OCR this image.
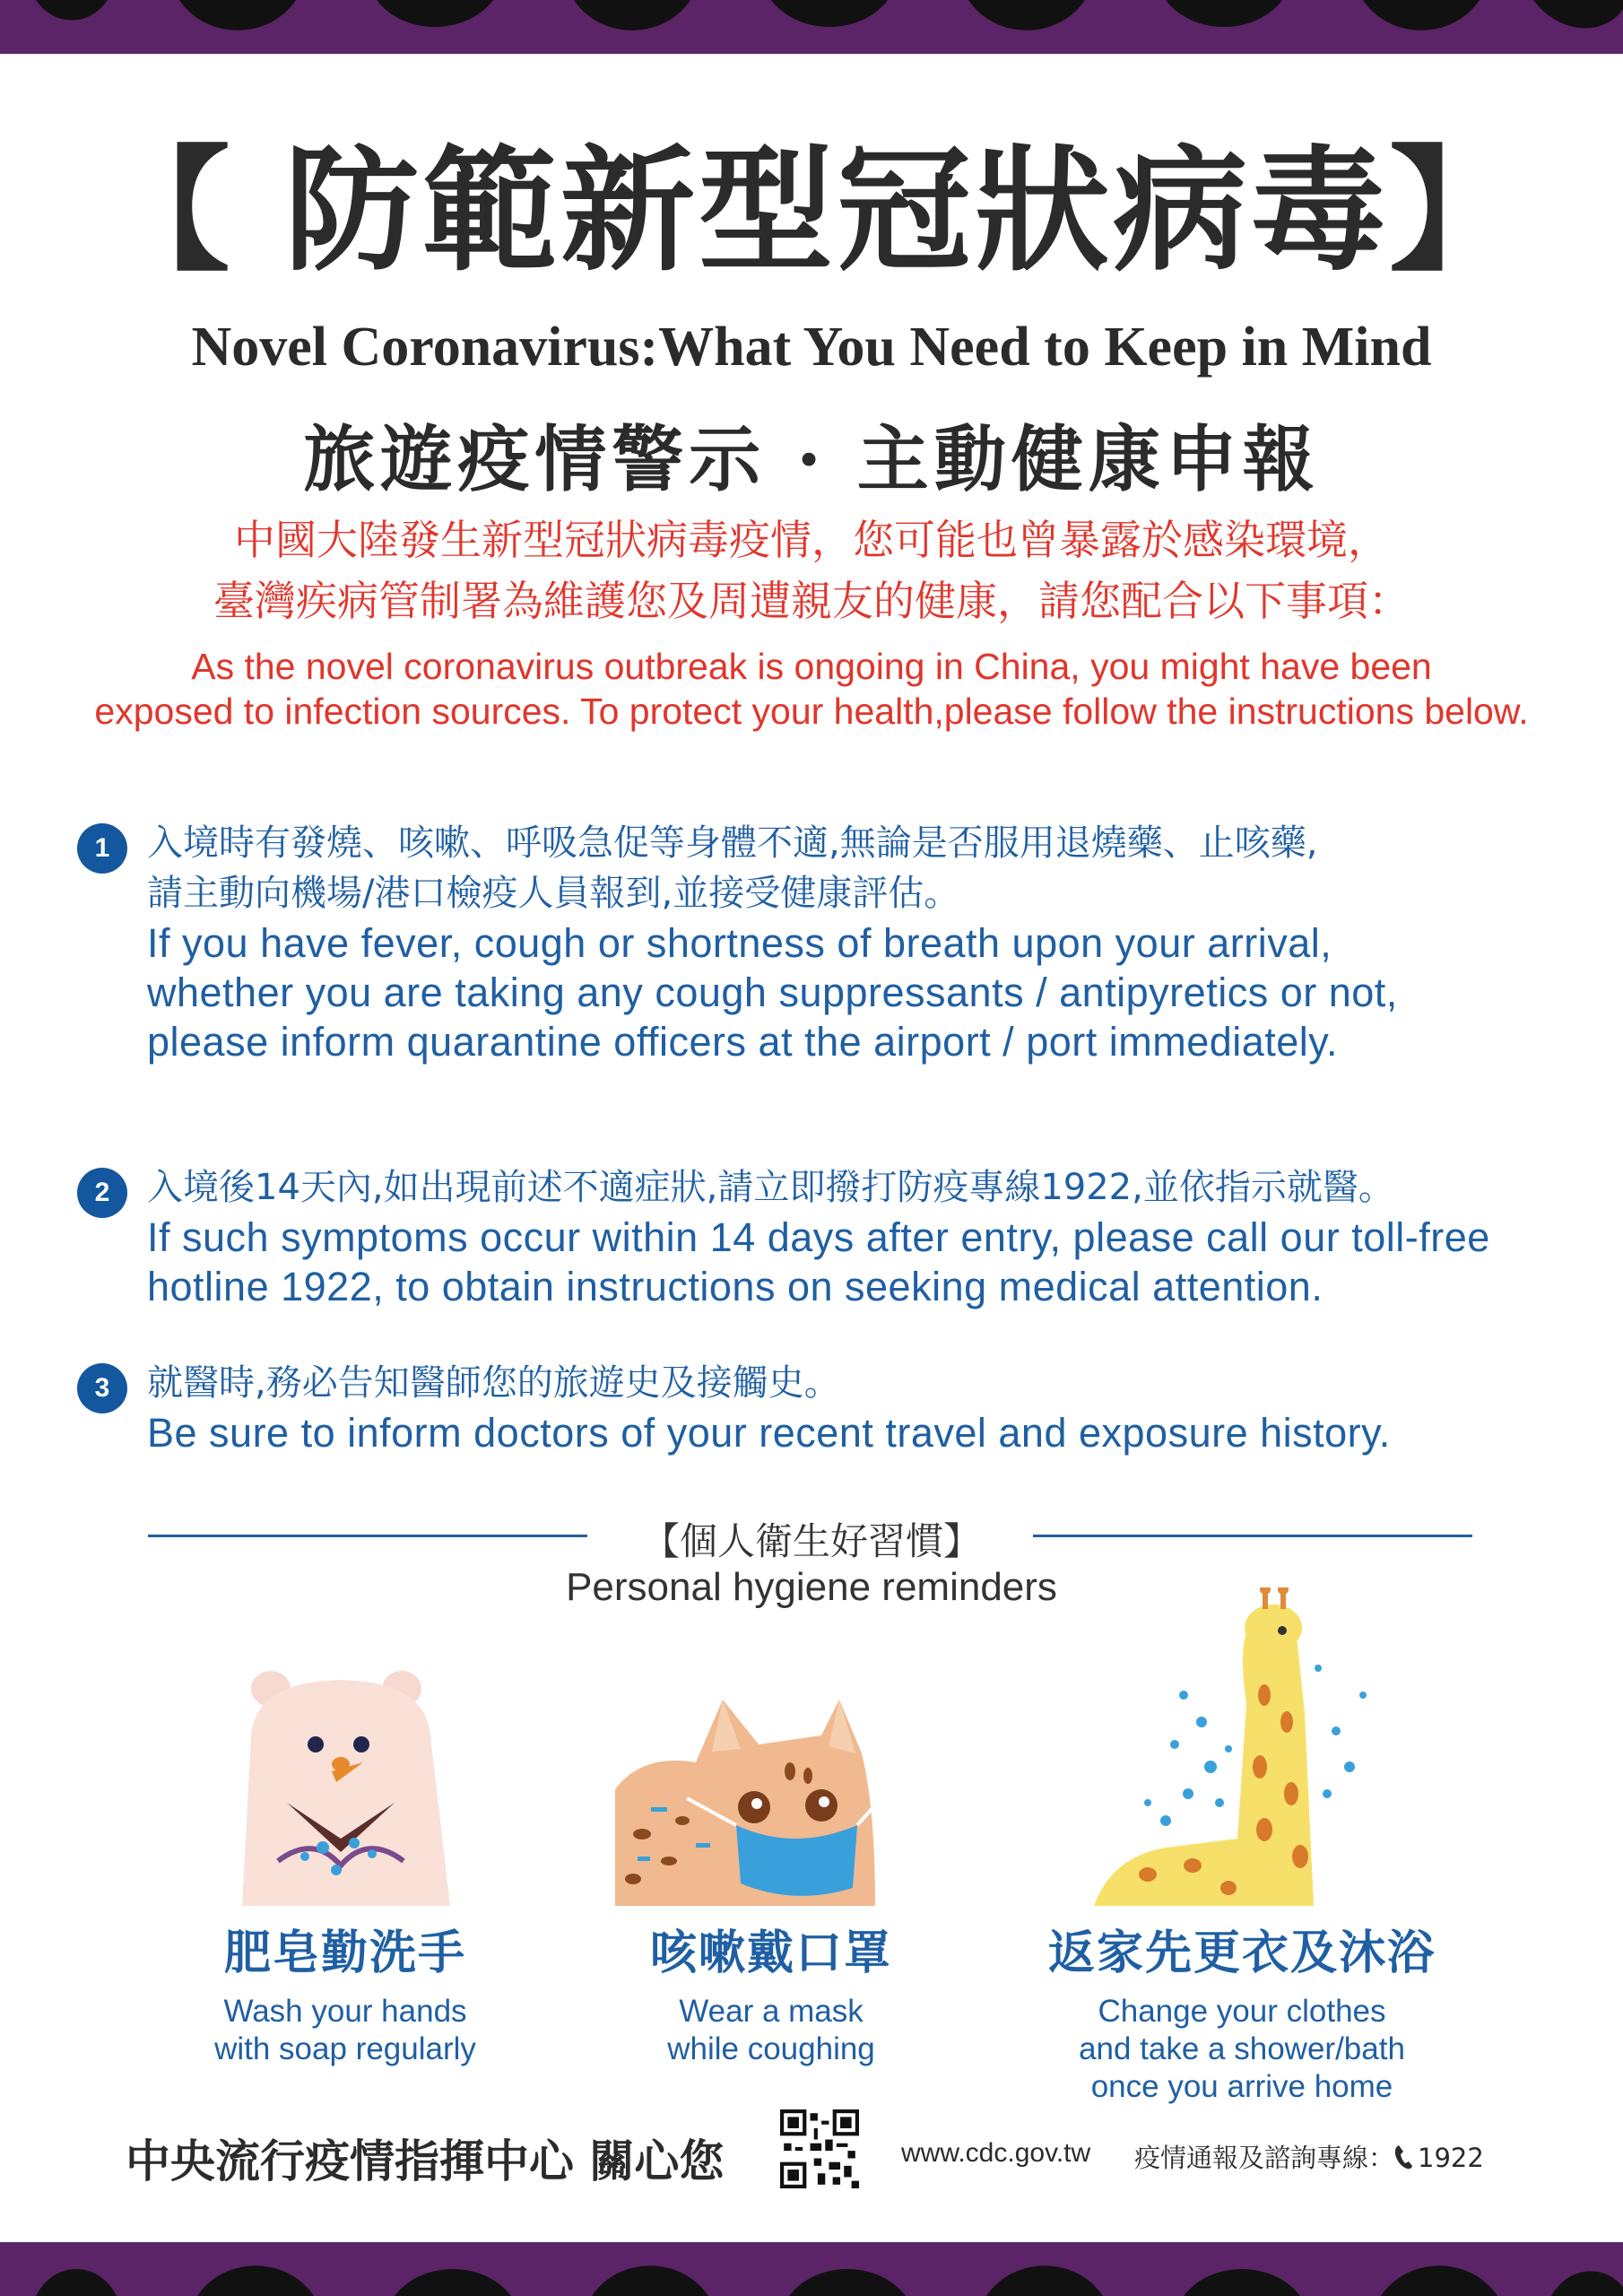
【 防範新型冠狀病毒】
Novel Coronavirus:What You Need to Keep in Mind
旅遊疫情警示 · 主動健康申報
中國大陸發生新型冠狀病毒疫情，您可能也曾暴露於感染環境，
臺灣疾病管制署為維護您及周遭親友的健康，請您配合以下事項：
As the novel coronavirus outbreak is ongoing in China, you might have been
exposed to infection sources. To protect your health,please follow the instructions below.
1	入境時有發燒、咳嗽、呼吸急促等身體不適,無論是否服用退燒藥、止咳藥,
請主動向機場/港口檢疫人員報到,並接受健康評估。
If you have fever, cough or shortness of breath upon your arrival,
whether you are taking any cough suppressants / antipyretics or not,
please inform quarantine officers at the airport / port immediately.
2	入境後14天內,如出現前述不適症狀,請立即撥打防疫專線1922,並依指示就醫。
If such symptoms occur within 14 days after entry, please call our toll-free
hotline 1922, to obtain instructions on seeking medical attention.
3	就醫時,務必告知醫師您的旅遊史及接觸史。
Be sure to inform doctors of your recent travel and exposure history.
【個人衛生好習慣】
Personal hygiene reminders
肥皂勤洗手
Wash your hands
with soap regularly
咳嗽戴口罩
Wear a mask
while coughing
返家先更衣及沐浴
Change your clothes
and take a shower/bath
once you arrive home
中央流行疫情指揮中心 關心您	www.cdc.gov.tw 疫情通報及諮詢專線： 1922
